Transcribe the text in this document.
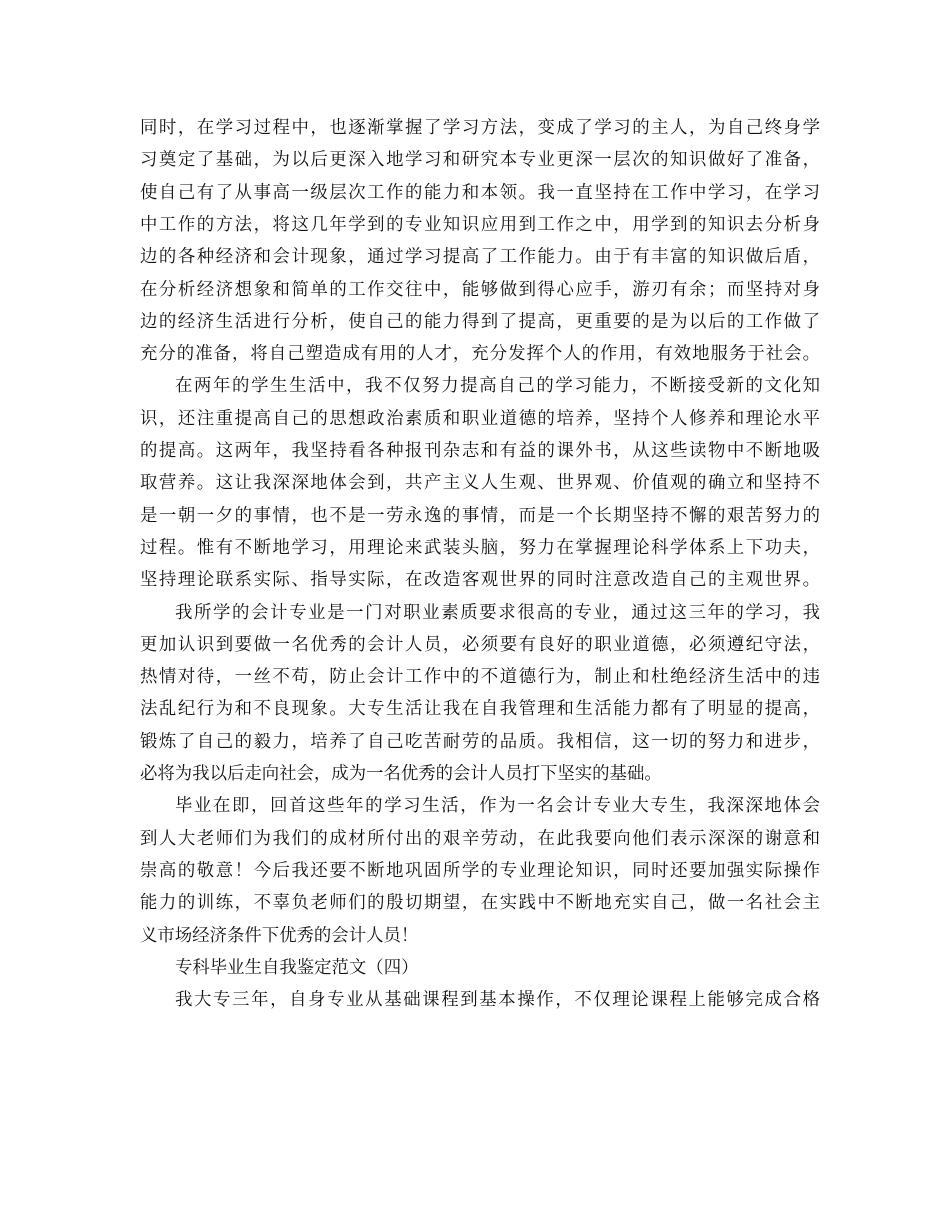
同时，在学习过程中，也逐渐掌握了学习方法，变成了学习的主人，为自己终身学
习奠定了基础，为以后更深入地学习和研究本专业更深一层次的知识做好了准备，
使自己有了从事高一级层次工作的能力和本领。我一直坚持在工作中学习，在学习
中工作的方法，将这几年学到的专业知识应用到工作之中，用学到的知识去分析身
边的各种经济和会计现象，通过学习提高了工作能力。由于有丰富的知识做后盾，
在分析经济想象和简单的工作交往中，能够做到得心应手，游刃有余；而坚持对身
边的经济生活进行分析，使自己的能力得到了提高，更重要的是为以后的工作做了
充分的准备，将自己塑造成有用的人才，充分发挥个人的作用，有效地服务于社会。
在两年的学生生活中，我不仅努力提高自己的学习能力，不断接受新的文化知
识，还注重提高自己的思想政治素质和职业道德的培养，坚持个人修养和理论水平
的提高。这两年，我坚持看各种报刊杂志和有益的课外书，从这些读物中不断地吸
取营养。这让我深深地体会到，共产主义人生观、世界观、价值观的确立和坚持不
是一朝一夕的事情，也不是一劳永逸的事情，而是一个长期坚持不懈的艰苦努力的
过程。惟有不断地学习，用理论来武装头脑，努力在掌握理论科学体系上下功夫，
坚持理论联系实际、指导实际，在改造客观世界的同时注意改造自己的主观世界。
我所学的会计专业是一门对职业素质要求很高的专业，通过这三年的学习，我
更加认识到要做一名优秀的会计人员，必须要有良好的职业道德，必须遵纪守法，
热情对待，一丝不苟，防止会计工作中的不道德行为，制止和杜绝经济生活中的违
法乱纪行为和不良现象。大专生活让我在自我管理和生活能力都有了明显的提高，
锻炼了自己的毅力，培养了自己吃苦耐劳的品质。我相信，这一切的努力和进步，
必将为我以后走向社会，成为一名优秀的会计人员打下坚实的基础。
毕业在即，回首这些年的学习生活，作为一名会计专业大专生，我深深地体会
到人大老师们为我们的成材所付出的艰辛劳动，在此我要向他们表示深深的谢意和
崇高的敬意！今后我还要不断地巩固所学的专业理论知识，同时还要加强实际操作
能力的训练，不辜负老师们的殷切期望，在实践中不断地充实自己，做一名社会主
义市场经济条件下优秀的会计人员！
专科毕业生自我鉴定范文（四）
我大专三年，自身专业从基础课程到基本操作，不仅理论课程上能够完成合格
